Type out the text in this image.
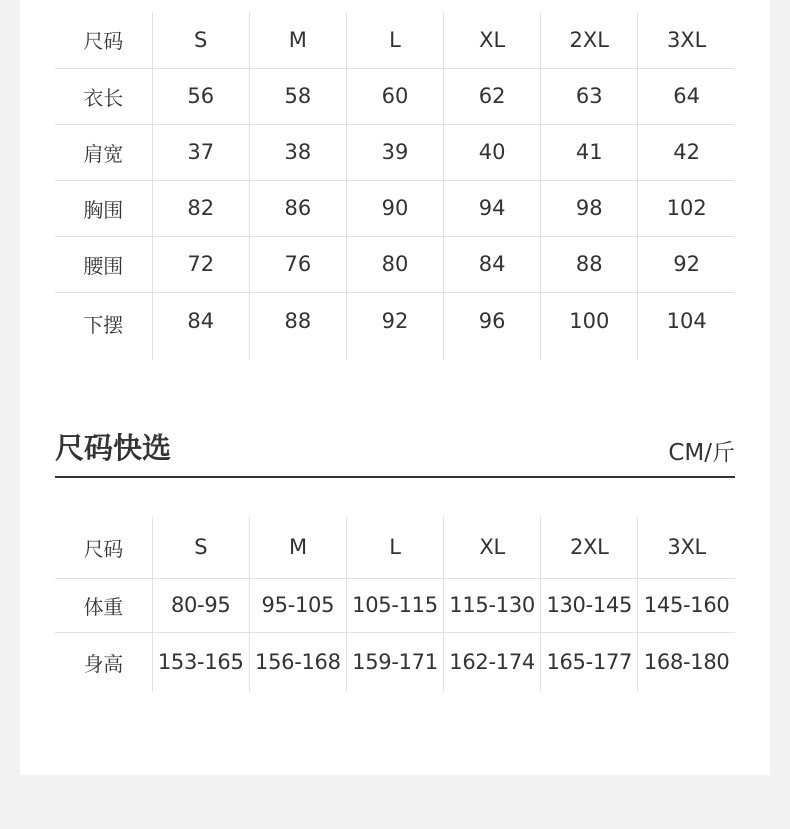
尺码	S	M	L	XL	2XL	3XL
衣长	56	58	60	62	63	64
肩宽	37	38	39	40	41	42
胸围	82	86	90	94	98	102
腰围	72	76	80	84	88	92
下摆	84	88	92	96	100	104
尺码快选	CM/斤
尺码	S	M	L	XL	2XL	3XL
体重	80-95	95-105	105-115	115-130	130-145	145-160
身高	153-165	156-168	159-171	162-174	165-177	168-180
